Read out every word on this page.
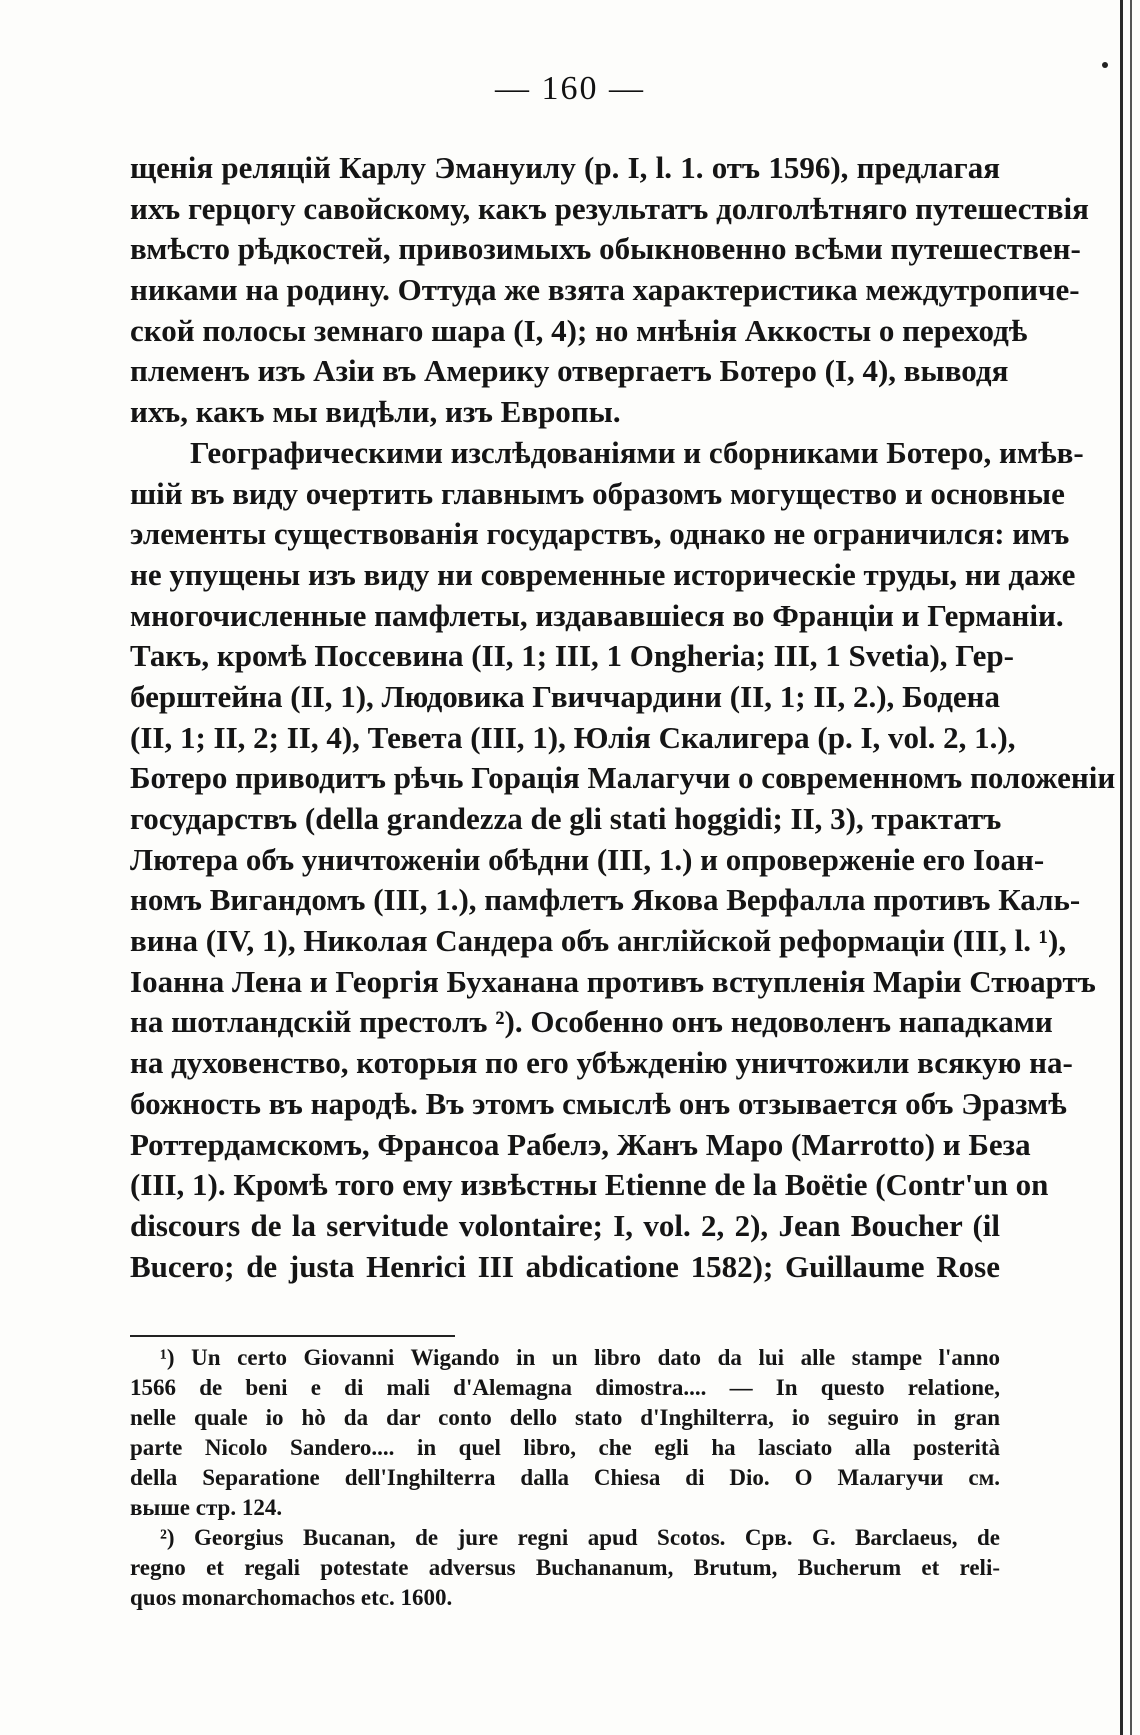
— 160 —
щенія реляцій Карлу Эмануилу (p. I, l. 1. отъ 1596), предлагая
ихъ герцогу савойскому, какъ результатъ долголѣтняго путешествія
вмѣсто рѣдкостей, привозимыхъ обыкновенно всѣми путешествен-
никами на родину. Оттуда же взята характеристика междутропиче-
ской полосы земнаго шара (I, 4); но мнѣнія Аккосты о переходѣ
племенъ изъ Азіи въ Америку отвергаетъ Ботеро (I, 4), выводя
ихъ, какъ мы видѣли, изъ Европы.
Географическими изслѣдованіями и сборниками Ботеро, имѣв-
шій въ виду очертить главнымъ образомъ могущество и основные
элементы существованія государствъ, однако не ограничился: имъ
не упущены изъ виду ни современные историческіе труды, ни даже
многочисленные памфлеты, издававшіеся во Франціи и Германіи.
Такъ, кромѣ Поссевина (II, 1; III, 1 Ongheria; III, 1 Svetia), Гер-
берштейна (II, 1), Людовика Гвиччардини (II, 1; II, 2.), Бодена
(II, 1; II, 2; II, 4), Тевета (III, 1), Юлія Скалигера (p. I, vol. 2, 1.),
Ботеро приводитъ рѣчь Горація Малагучи о современномъ положеніи
государствъ (della grandezza de gli stati hoggidi; II, 3), трактатъ
Лютера объ уничтоженіи обѣдни (III, 1.) и опроверженіе его Іоан-
номъ Вигандомъ (III, 1.), памфлетъ Якова Верфалла противъ Каль-
вина (IV, 1), Николая Сандера объ англійской реформаціи (III, l. ¹),
Іоанна Лена и Георгія Буханана противъ вступленія Маріи Стюартъ
на шотландскій престолъ ²). Особенно онъ недоволенъ нападками
на духовенство, которыя по его убѣжденію уничтожили всякую на-
божность въ народѣ. Въ этомъ смыслѣ онъ отзывается объ Эразмѣ
Роттердамскомъ, Франсоа Рабелэ, Жанъ Маро (Marrotto) и Беза
(III, 1). Кромѣ того ему извѣстны Etienne de la Boëtie (Contr'un on
discours de la servitude volontaire; I, vol. 2, 2), Jean Boucher (il
Bucero; de justa Henrici III abdicatione 1582); Guillaume Rose
¹) Un certo Giovanni Wigando in un libro dato da lui alle stampe l'anno
1566 de beni e di mali d'Alemagna dimostra.... — In questo relatione,
nelle quale io hò da dar conto dello stato d'Inghilterra, io seguiro in gran
parte Nicolo Sandero.... in quel libro, che egli ha lasciato alla posterità
della Separatione dell'Inghilterra dalla Chiesa di Dio. О Малагучи см.
выше стр. 124.
²) Georgius Bucanan, de jure regni apud Scotos. Срв. G. Barclaeus, de
regno et regali potestate adversus Buchananum, Brutum, Bucherum et reli-
quos monarchomachos etc. 1600.
